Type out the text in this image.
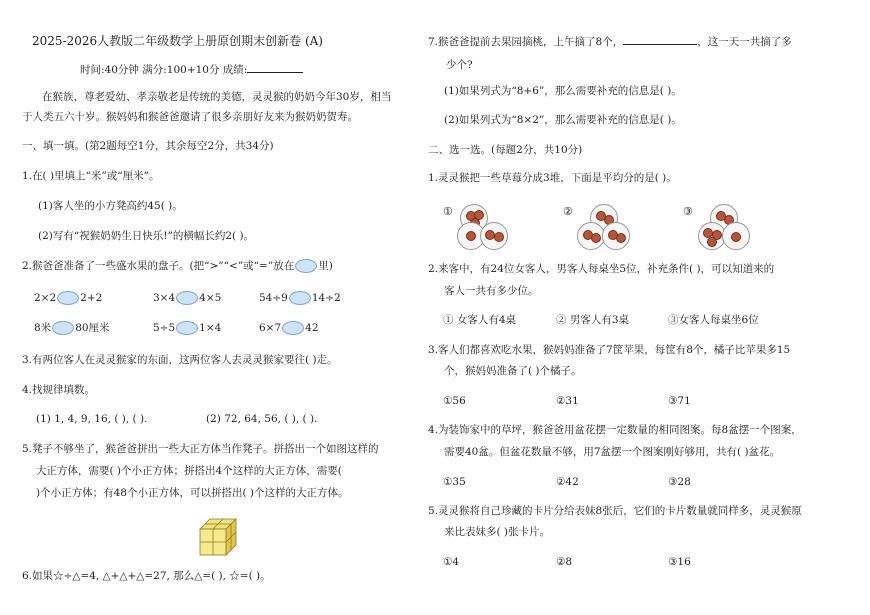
2025-2026人教版二年级数学上册原创期末创新卷 (A)
时间:40分钟 满分:100+10分 成绩:
在猴族，尊老爱幼、孝亲敬老是传统的美德，灵灵猴的奶奶今年30岁，相当
于人类五六十岁。猴妈妈和猴爸爸邀请了很多亲朋好友来为猴奶奶贺寿。
一、填一填。(第2题每空1分，其余每空2分，共34分)
1.在( )里填上“米”或“厘米”。
(1)客人坐的小方凳高约45( )。
(2)写有“祝猴奶奶生日快乐!”的横幅长约2( )。
2.猴爸爸准备了一些盛水果的盘子。(把“>”“<”或“=”放在 里)
2×2 2+2	3×4 4×5	54÷9 14÷2
8米 80厘米	5÷5 1×4	6×7 42
3.有两位客人在灵灵猴家的东面，这两位客人去灵灵猴家要往( )走。
4.找规律填数。
(1) 1, 4, 9, 16, ( ), ( ).	(2) 72, 64, 56, ( ), ( ).
5.凳子不够坐了，猴爸爸拼出一些大正方体当作凳子。拼搭出一个如图这样的
大正方体，需要( )个小正方体；拼搭出4个这样的大正方体，需要(
)个小正方体；有48个小正方体，可以拼搭出( )个这样的大正方体。
6.如果☆÷△=4, △+△+△=27, 那么△=( ), ☆=( )。
7.猴爸爸提前去果园摘桃，上午摘了8个，	，这一天一共摘了多
少个?
(1)如果列式为“8+6”，那么需要补充的信息是( )。
(2)如果列式为“8×2”，那么需要补充的信息是( )。
二、选一选。(每题2分，共10分)
1.灵灵猴把一些草莓分成3堆，下面是平均分的是( )。
①	②	③
2.来客中，有24位女客人，男客人每桌坐5位，补充条件( )，可以知道来的
客人一共有多少位。
① 女客人有4桌	② 男客人有3桌	③女客人每桌坐6位
3.客人们都喜欢吃水果，猴妈妈准备了7筐苹果，每筐有8个，橘子比苹果多15
个，猴妈妈准备了( )个橘子。
①56	②31	③71
4.为装饰家中的草坪，猴爸爸用盆花摆一定数量的相同图案。每8盆摆一个图案，
需要40盆。但盆花数量不够，用7盆摆一个图案刚好够用，共有( )盆花。
①35	②42	③28
5.灵灵猴将自己珍藏的卡片分给表妹8张后，它们的卡片数量就同样多，灵灵猴原
来比表妹多( )张卡片。
①4	②8	③16
